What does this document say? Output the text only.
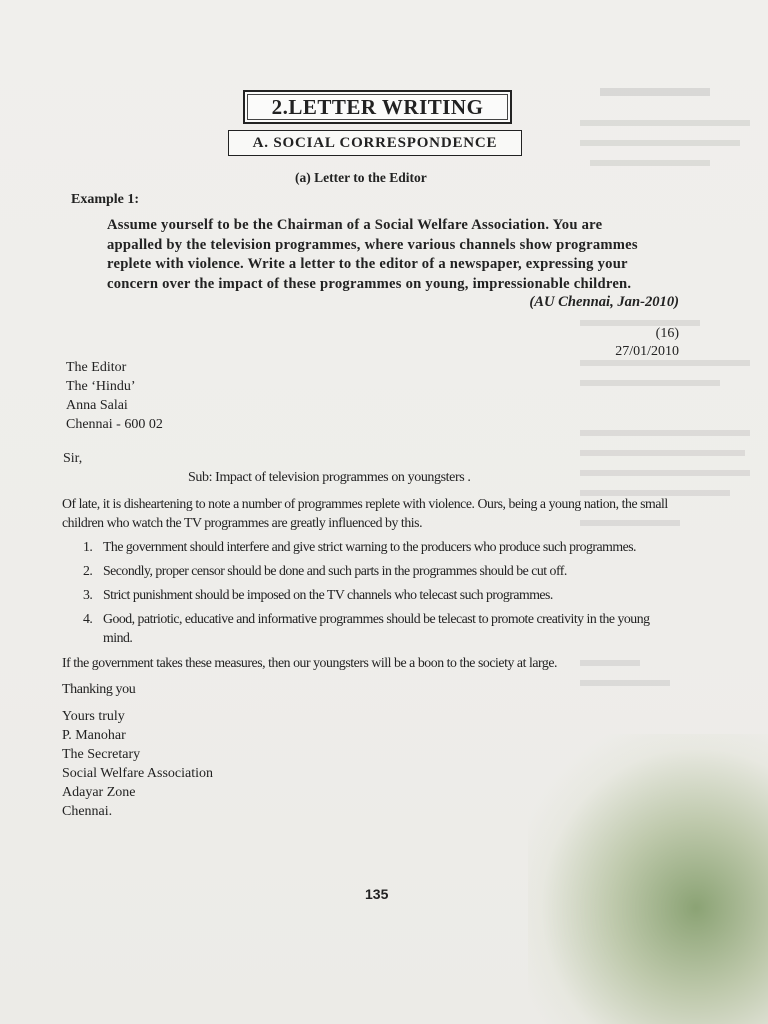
2.LETTER WRITING
A. SOCIAL CORRESPONDENCE
(a) Letter to the Editor
Example 1:
Assume yourself to be the Chairman of a Social Welfare Association. You are
appalled by the television programmes, where various channels show programmes
replete with violence. Write a letter to the editor of a newspaper, expressing your
concern over the impact of these programmes on young, impressionable children.
(AU Chennai, Jan-2010)
(16)
27/01/2010
The Editor
The ‘Hindu’
Anna Salai
Chennai - 600 02
Sir,
Sub: Impact of television programmes on youngsters .
Of late, it is disheartening to note a number of programmes replete with violence. Ours, being a young nation, the small children who watch the TV programmes are greatly influenced by this.
1. The government should interfere and give strict warning to the producers who produce such programmes.
2. Secondly, proper censor should be done and such parts in the programmes should be cut off.
3. Strict punishment should be imposed on the TV channels who telecast such programmes.
4. Good, patriotic, educative and informative programmes should be telecast to promote creativity in the young mind.
If the government takes these measures, then our youngsters will be a boon to the society at large.
Thanking you
Yours truly
P. Manohar
The Secretary
Social Welfare Association
Adayar Zone
Chennai.
135
